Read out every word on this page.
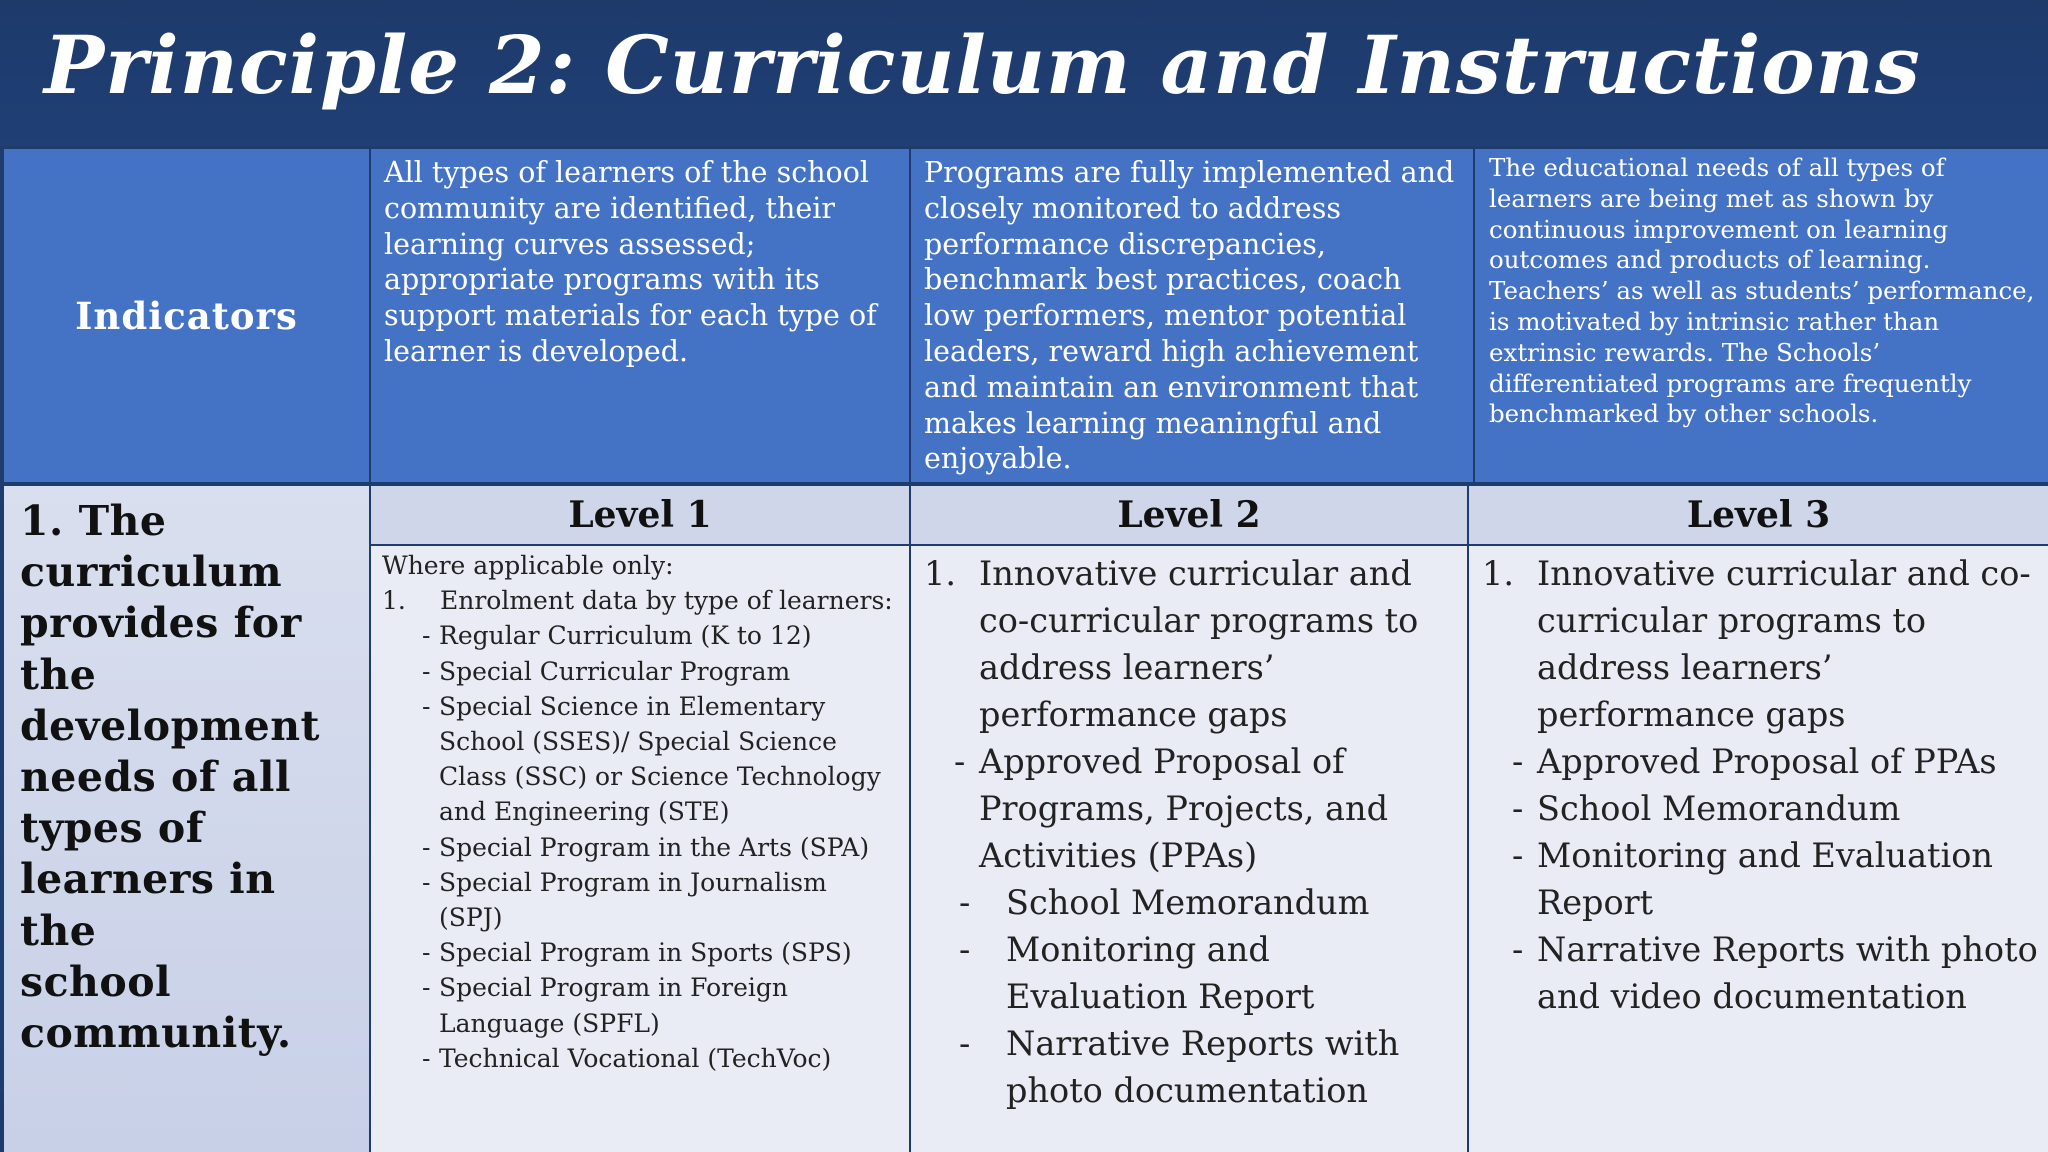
Principle 2: Curriculum and Instructions
Indicators
All types of learners of the school
community are identified, their
learning curves assessed;
appropriate programs with its
support materials for each type of
learner is developed.
Programs are fully implemented and
closely monitored to address
performance discrepancies,
benchmark best practices, coach
low performers, mentor potential
leaders, reward high achievement
and maintain an environment that
makes learning meaningful and
enjoyable.
The educational needs of all types of
learners are being met as shown by
continuous improvement on learning
outcomes and products of learning.
Teachers’ as well as students’ performance,
is motivated by intrinsic rather than
extrinsic rewards. The Schools’
differentiated programs are frequently
benchmarked by other schools.
1. The
curriculum
provides for
the
development
needs of all
types of
learners in the
school
community.
Level 1	Level 2	Level 3
Where applicable only:
1. Enrolment data by type of learners:
- Regular Curriculum (K to 12)
- Special Curricular Program
- Special Science in Elementary
School (SSES)/ Special Science
Class (SSC) or Science Technology
and Engineering (STE)
- Special Program in the Arts (SPA)
- Special Program in Journalism
(SPJ)
- Special Program in Sports (SPS)
- Special Program in Foreign
Language (SPFL)
- Technical Vocational (TechVoc)
1. Innovative curricular and
co-curricular programs to
address learners’
performance gaps
- Approved Proposal of
Programs, Projects, and
Activities (PPAs)
- School Memorandum
- Monitoring and
Evaluation Report
- Narrative Reports with
photo documentation
1. Innovative curricular and co-
curricular programs to
address learners’
performance gaps
- Approved Proposal of PPAs
- School Memorandum
- Monitoring and Evaluation
Report
- Narrative Reports with photo
and video documentation
